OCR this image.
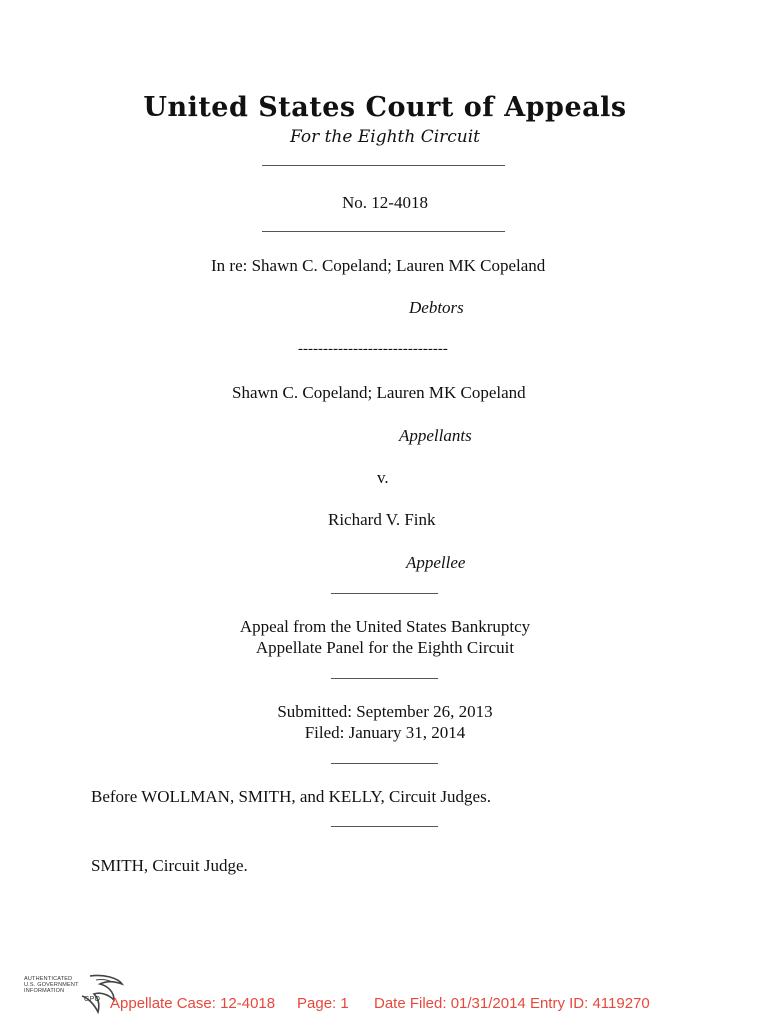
United States Court of Appeals
For the Eighth Circuit
No. 12-4018
In re: Shawn C. Copeland; Lauren MK Copeland
Debtors
------------------------------
Shawn C. Copeland; Lauren MK Copeland
Appellants
v.
Richard V. Fink
Appellee
Appeal from the United States Bankruptcy
Appellate Panel for the Eighth Circuit
Submitted: September 26, 2013
Filed: January 31, 2014
Before WOLLMAN, SMITH, and KELLY, Circuit Judges.
SMITH, Circuit Judge.
AUTHENTICATED
U.S. GOVERNMENT
INFORMATION
GPO Appellate Case: 12-4018 Page: 1 Date Filed: 01/31/2014 Entry ID: 4119270
